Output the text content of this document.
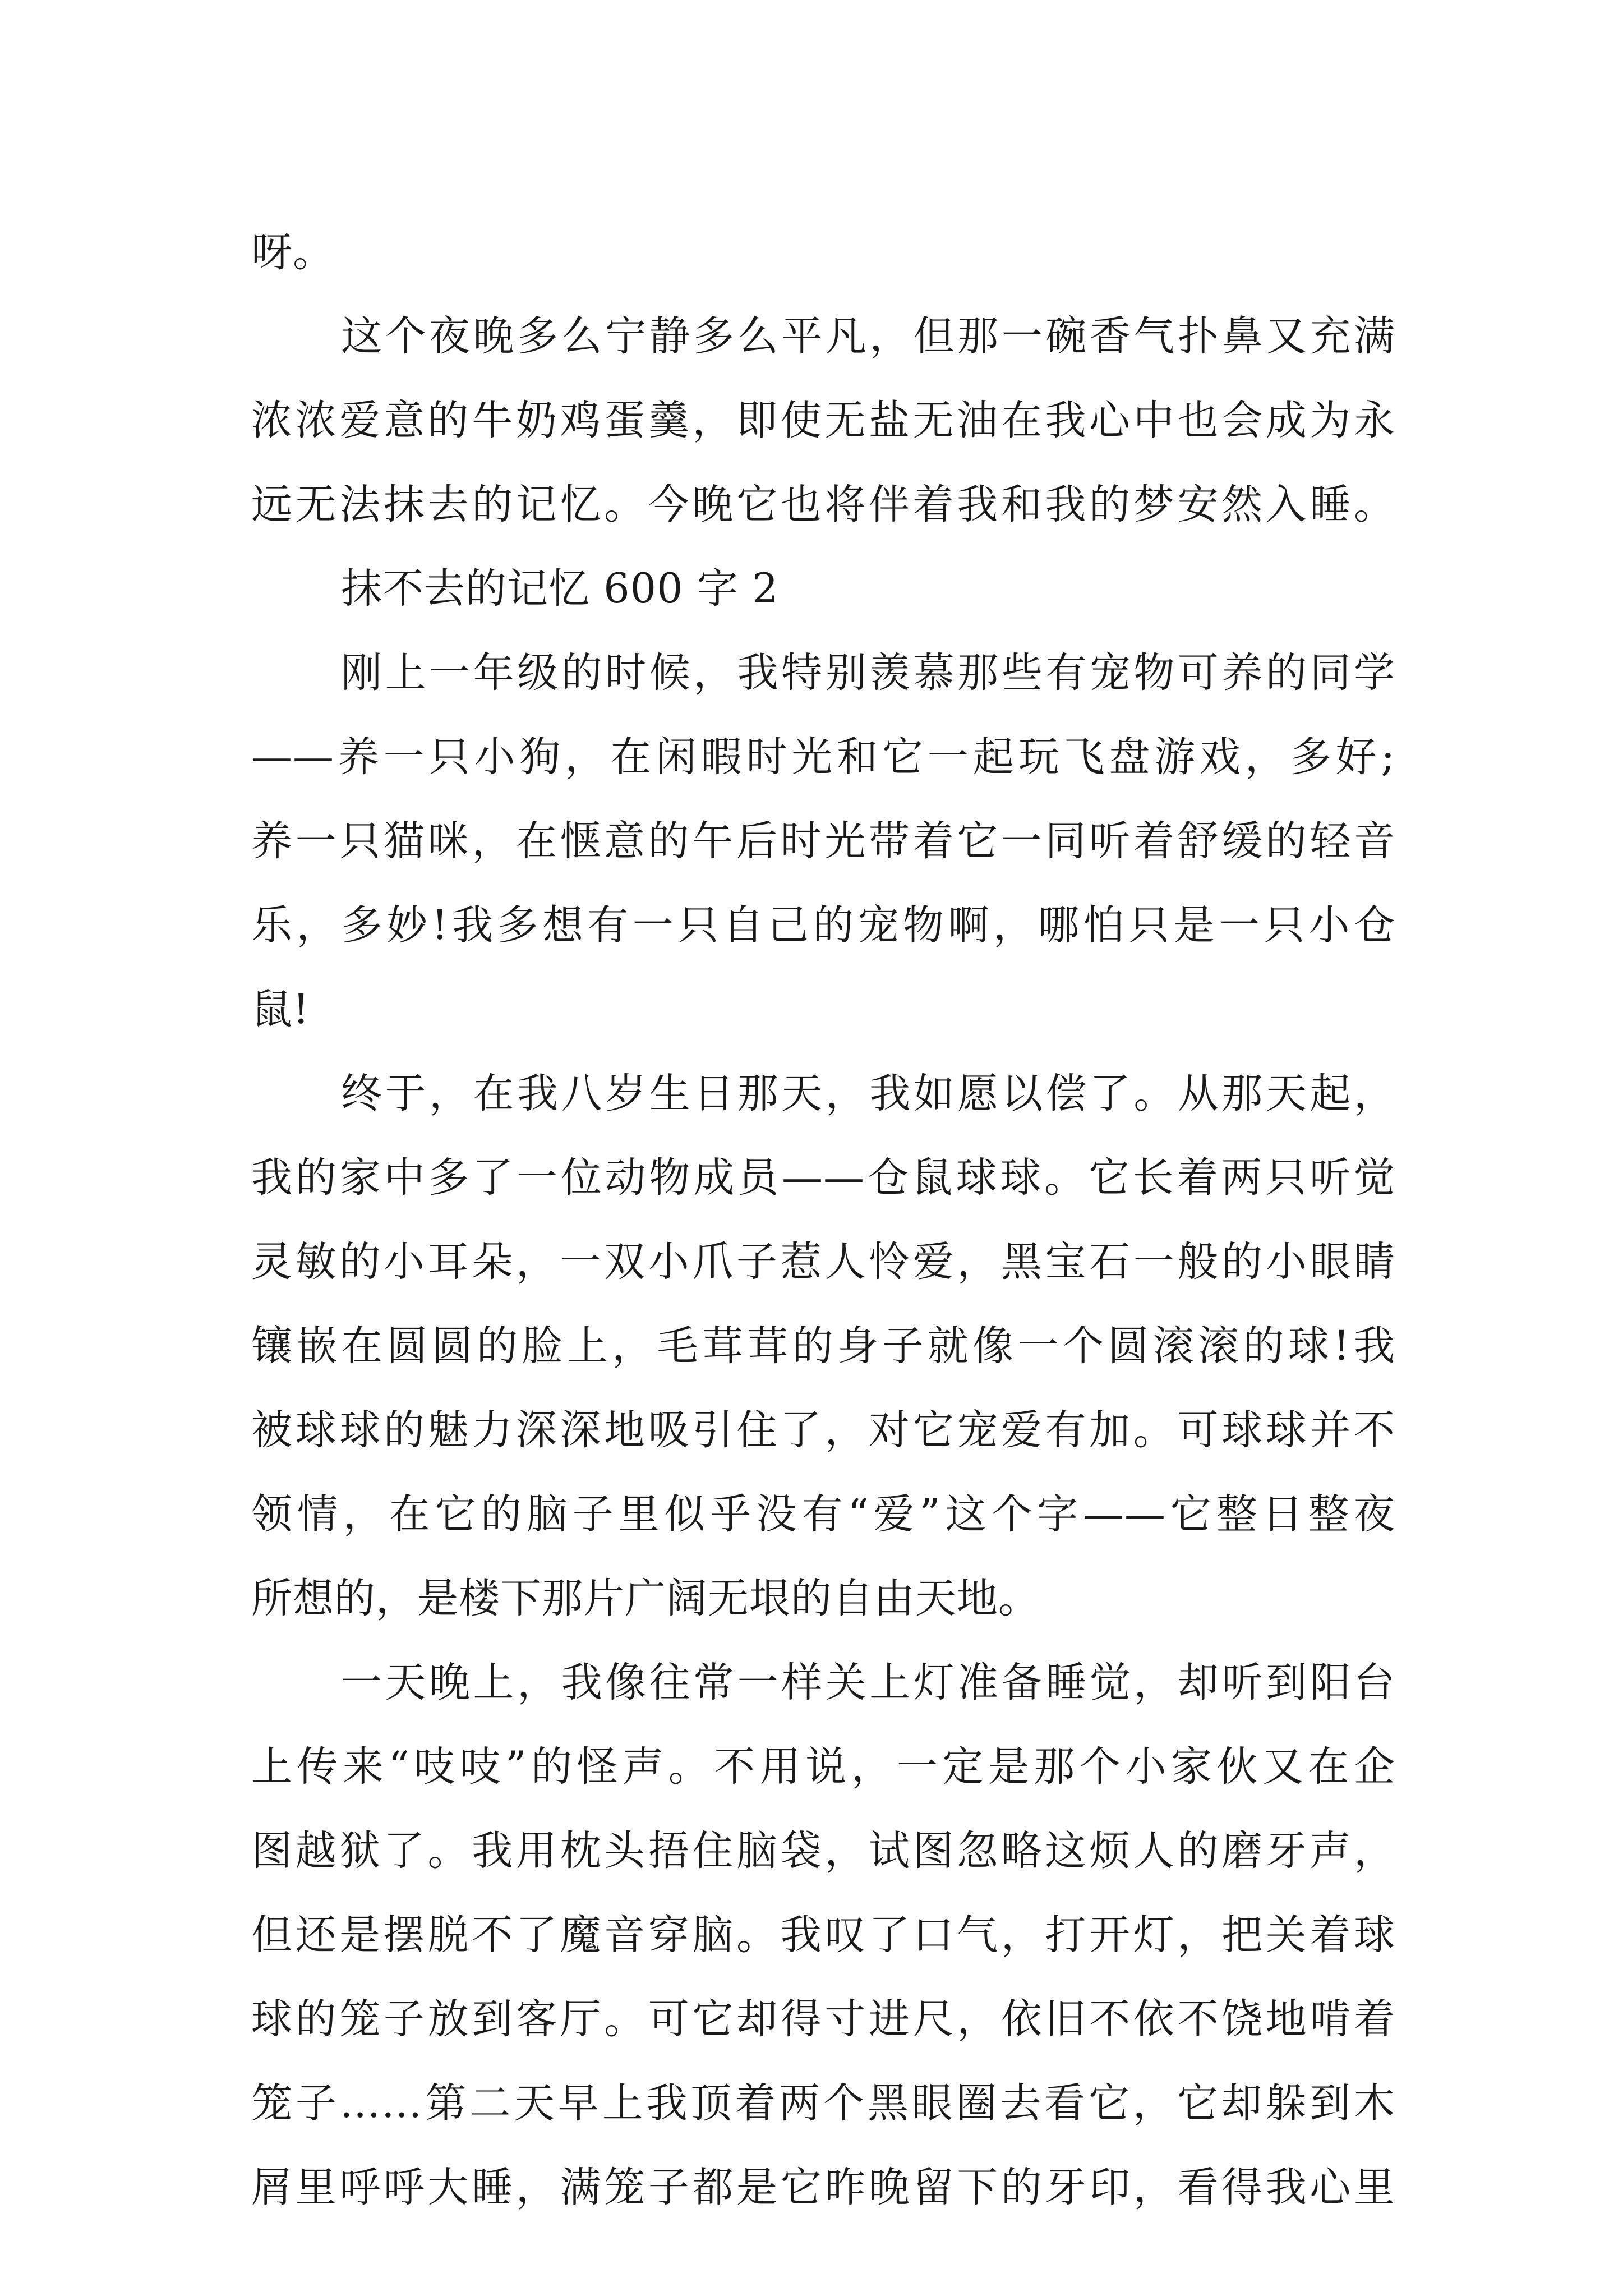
呀。
这个夜晚多么宁静多么平凡，但那一碗香气扑鼻又充满
浓浓爱意的牛奶鸡蛋羹，即使无盐无油在我心中也会成为永
远无法抹去的记忆。今晚它也将伴着我和我的梦安然入睡。
抹不去的记忆 600 字 2
刚上一年级的时候，我特别羡慕那些有宠物可养的同学
——养一只小狗，在闲暇时光和它一起玩飞盘游戏，多好;
养一只猫咪，在惬意的午后时光带着它一同听着舒缓的轻音
乐，多妙!我多想有一只自己的宠物啊，哪怕只是一只小仓
鼠!
终于，在我八岁生日那天，我如愿以偿了。从那天起，
我的家中多了一位动物成员——仓鼠球球。它长着两只听觉
灵敏的小耳朵，一双小爪子惹人怜爱，黑宝石一般的小眼睛
镶嵌在圆圆的脸上，毛茸茸的身子就像一个圆滚滚的球!我
被球球的魅力深深地吸引住了，对它宠爱有加。可球球并不
领情，在它的脑子里似乎没有“爱”这个字——它整日整夜
所想的，是楼下那片广阔无垠的自由天地。
一天晚上，我像往常一样关上灯准备睡觉，却听到阳台
上传来“吱吱”的怪声。不用说，一定是那个小家伙又在企
图越狱了。我用枕头捂住脑袋，试图忽略这烦人的磨牙声，
但还是摆脱不了魔音穿脑。我叹了口气，打开灯，把关着球
球的笼子放到客厅。可它却得寸进尺，依旧不依不饶地啃着
笼子……第二天早上我顶着两个黑眼圈去看它，它却躲到木
屑里呼呼大睡，满笼子都是它昨晚留下的牙印，看得我心里
